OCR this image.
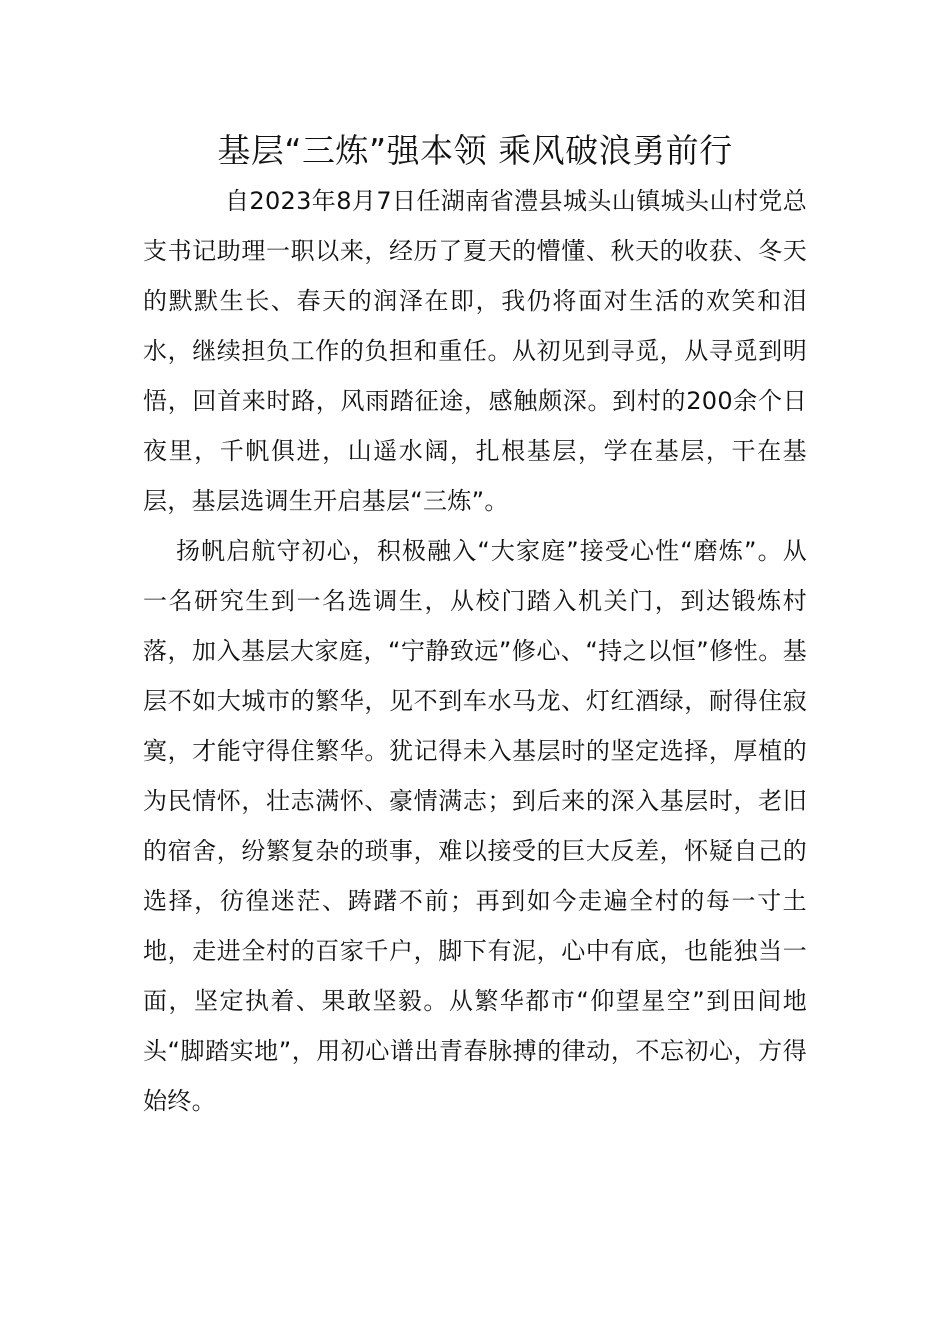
基层“三炼”强本领 乘风破浪勇前行

自2023年8月7日任湖南省澧县城头山镇城头山村党总支书记助理一职以来，经历了夏天的懵懂、秋天的收获、冬天的默默生长、春天的润泽在即，我仍将面对生活的欢笑和泪水，继续担负工作的负担和重任。从初见到寻觅，从寻觅到明悟，回首来时路，风雨踏征途，感触颇深。到村的200余个日夜里，千帆俱进，山遥水阔，扎根基层，学在基层，干在基层，基层选调生开启基层“三炼”。

扬帆启航守初心，积极融入“大家庭”接受心性“磨炼”。从一名研究生到一名选调生，从校门踏入机关门，到达锻炼村落，加入基层大家庭，“宁静致远”修心、“持之以恒”修性。基层不如大城市的繁华，见不到车水马龙、灯红酒绿，耐得住寂寞，才能守得住繁华。犹记得未入基层时的坚定选择，厚植的为民情怀，壮志满怀、豪情满志；到后来的深入基层时，老旧的宿舍，纷繁复杂的琐事，难以接受的巨大反差，怀疑自己的选择，彷徨迷茫、踌躇不前；再到如今走遍全村的每一寸土地，走进全村的百家千户，脚下有泥，心中有底，也能独当一面，坚定执着、果敢坚毅。从繁华都市“仰望星空”到田间地头“脚踏实地”，用初心谱出青春脉搏的律动，不忘初心，方得始终。
